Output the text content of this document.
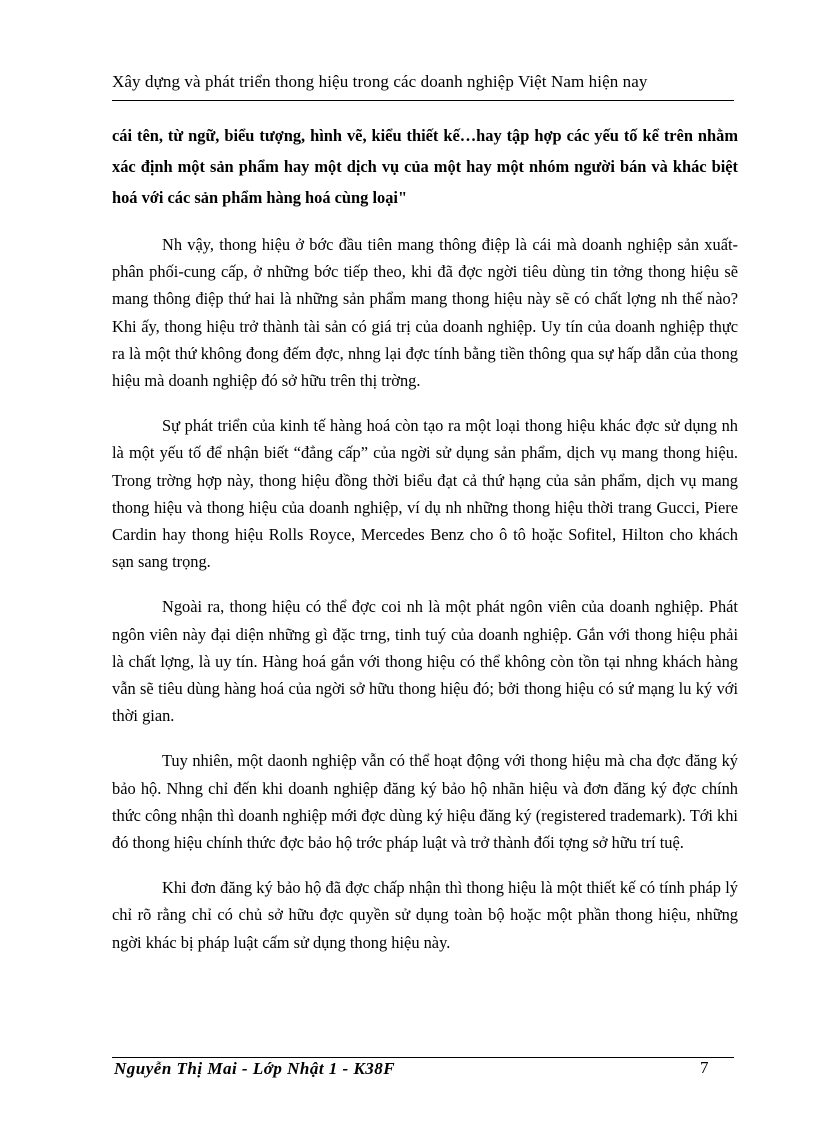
Xây dựng và phát triển thong hiệu trong các doanh nghiệp Việt Nam hiện nay

cái tên, từ ngữ, biểu tượng, hình vẽ, kiểu thiết kế…hay tập hợp các yếu tố kể trên nhằm xác định một sản phẩm hay một dịch vụ của một hay một nhóm người bán và khác biệt hoá với các sản phẩm hàng hoá cùng loại"

Nh vậy, thong hiệu ở bớc đầu tiên mang thông điệp là cái mà doanh nghiệp sản xuất-phân phối-cung cấp, ở những bớc tiếp theo, khi đã đợc ngời tiêu dùng tin tởng thong hiệu sẽ mang thông điệp thứ hai là những sản phẩm mang thong hiệu này sẽ có chất lợng nh thế nào? Khi ấy, thong hiệu trở thành tài sản có giá trị của doanh nghiệp. Uy tín của doanh nghiệp thực ra là một thứ không đong đếm đợc, nhng lại đợc tính bằng tiền thông qua sự hấp dẫn của thong hiệu mà doanh nghiệp đó sở hữu trên thị trờng.

Sự phát triển của kinh tế hàng hoá còn tạo ra một loại thong hiệu khác đợc sử dụng nh là một yếu tố để nhận biết “đẳng cấp” của ngời sử dụng sản phẩm, dịch vụ mang thong hiệu. Trong trờng hợp này, thong hiệu đồng thời biểu đạt cả thứ hạng của sản phẩm, dịch vụ mang thong hiệu và thong hiệu của doanh nghiệp, ví dụ nh những thong hiệu thời trang Gucci, Piere Cardin hay thong hiệu Rolls Royce, Mercedes Benz cho ô tô hoặc Sofitel, Hilton cho khách sạn sang trọng.

Ngoài ra, thong hiệu có thể đợc coi nh là một phát ngôn viên của doanh nghiệp. Phát ngôn viên này đại diện những gì đặc trng, tinh tuý của doanh nghiệp. Gắn với thong hiệu phải là chất lợng, là uy tín. Hàng hoá gắn với thong hiệu có thể không còn tồn tại nhng khách hàng vẫn sẽ tiêu dùng hàng hoá của ngời sở hữu thong hiệu đó; bởi thong hiệu có sứ mạng lu ký với thời gian.

Tuy nhiên, một daonh nghiệp vẫn có thể hoạt động với thong hiệu mà cha đợc đăng ký bảo hộ. Nhng chỉ đến khi doanh nghiệp đăng ký bảo hộ nhãn hiệu và đơn đăng ký đợc chính thức công nhận thì doanh nghiệp mới đợc dùng ký hiệu đăng ký (registered trademark). Tới khi đó thong hiệu chính thức đợc bảo hộ trớc pháp luật và trở thành đối tợng sở hữu trí tuệ.

Khi đơn đăng ký bảo hộ đã đợc chấp nhận thì thong hiệu là một thiết kế có tính pháp lý chỉ rõ rằng chỉ có chủ sở hữu đợc quyền sử dụng toàn bộ hoặc một phần thong hiệu, những ngời khác bị pháp luật cấm sử dụng thong hiệu này.

Nguyễn Thị Mai - Lớp Nhật 1 - K38F	7
